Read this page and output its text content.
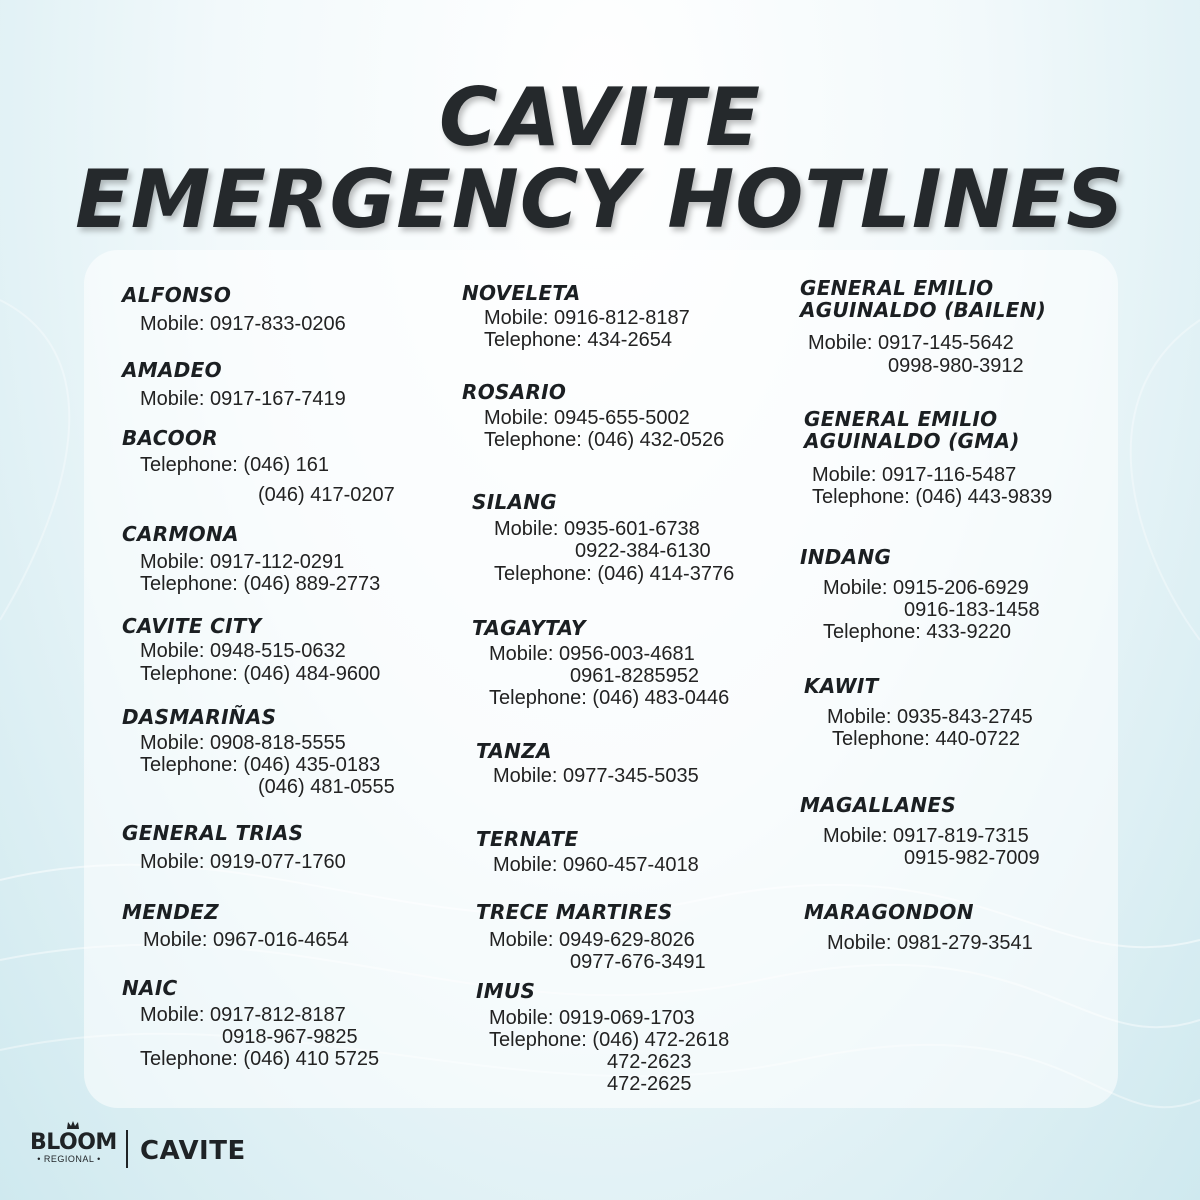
CAVITE
EMERGENCY HOTLINES
ALFONSO
Mobile: 0917-833-0206
AMADEO
Mobile: 0917-167-7419
BACOOR
Telephone: (046) 161
(046) 417-0207
CARMONA
Mobile: 0917-112-0291
Telephone: (046) 889-2773
CAVITE CITY
Mobile: 0948-515-0632
Telephone: (046) 484-9600
DASMARIÑAS
Mobile: 0908-818-5555
Telephone: (046) 435-0183
(046) 481-0555
GENERAL TRIAS
Mobile: 0919-077-1760
MENDEZ
Mobile: 0967-016-4654
NAIC
Mobile: 0917-812-8187
0918-967-9825
Telephone: (046) 410 5725
NOVELETA
Mobile: 0916-812-8187
Telephone: 434-2654
ROSARIO
Mobile: 0945-655-5002
Telephone: (046) 432-0526
SILANG
Mobile: 0935-601-6738
0922-384-6130
Telephone: (046) 414-3776
TAGAYTAY
Mobile: 0956-003-4681
0961-8285952
Telephone: (046) 483-0446
TANZA
Mobile: 0977-345-5035
TERNATE
Mobile: 0960-457-4018
TRECE MARTIRES
Mobile: 0949-629-8026
0977-676-3491
IMUS
Mobile: 0919-069-1703
Telephone: (046) 472-2618
472-2623
472-2625
GENERAL EMILIO
AGUINALDO (BAILEN)
Mobile: 0917-145-5642
0998-980-3912
GENERAL EMILIO
AGUINALDO (GMA)
Mobile: 0917-116-5487
Telephone: (046) 443-9839
INDANG
Mobile: 0915-206-6929
0916-183-1458
Telephone: 433-9220
KAWIT
Mobile: 0935-843-2745
Telephone: 440-0722
MAGALLANES
Mobile: 0917-819-7315
0915-982-7009
MARAGONDON
Mobile: 0981-279-3541
BLOOM
• REGIONAL • CAVITE
